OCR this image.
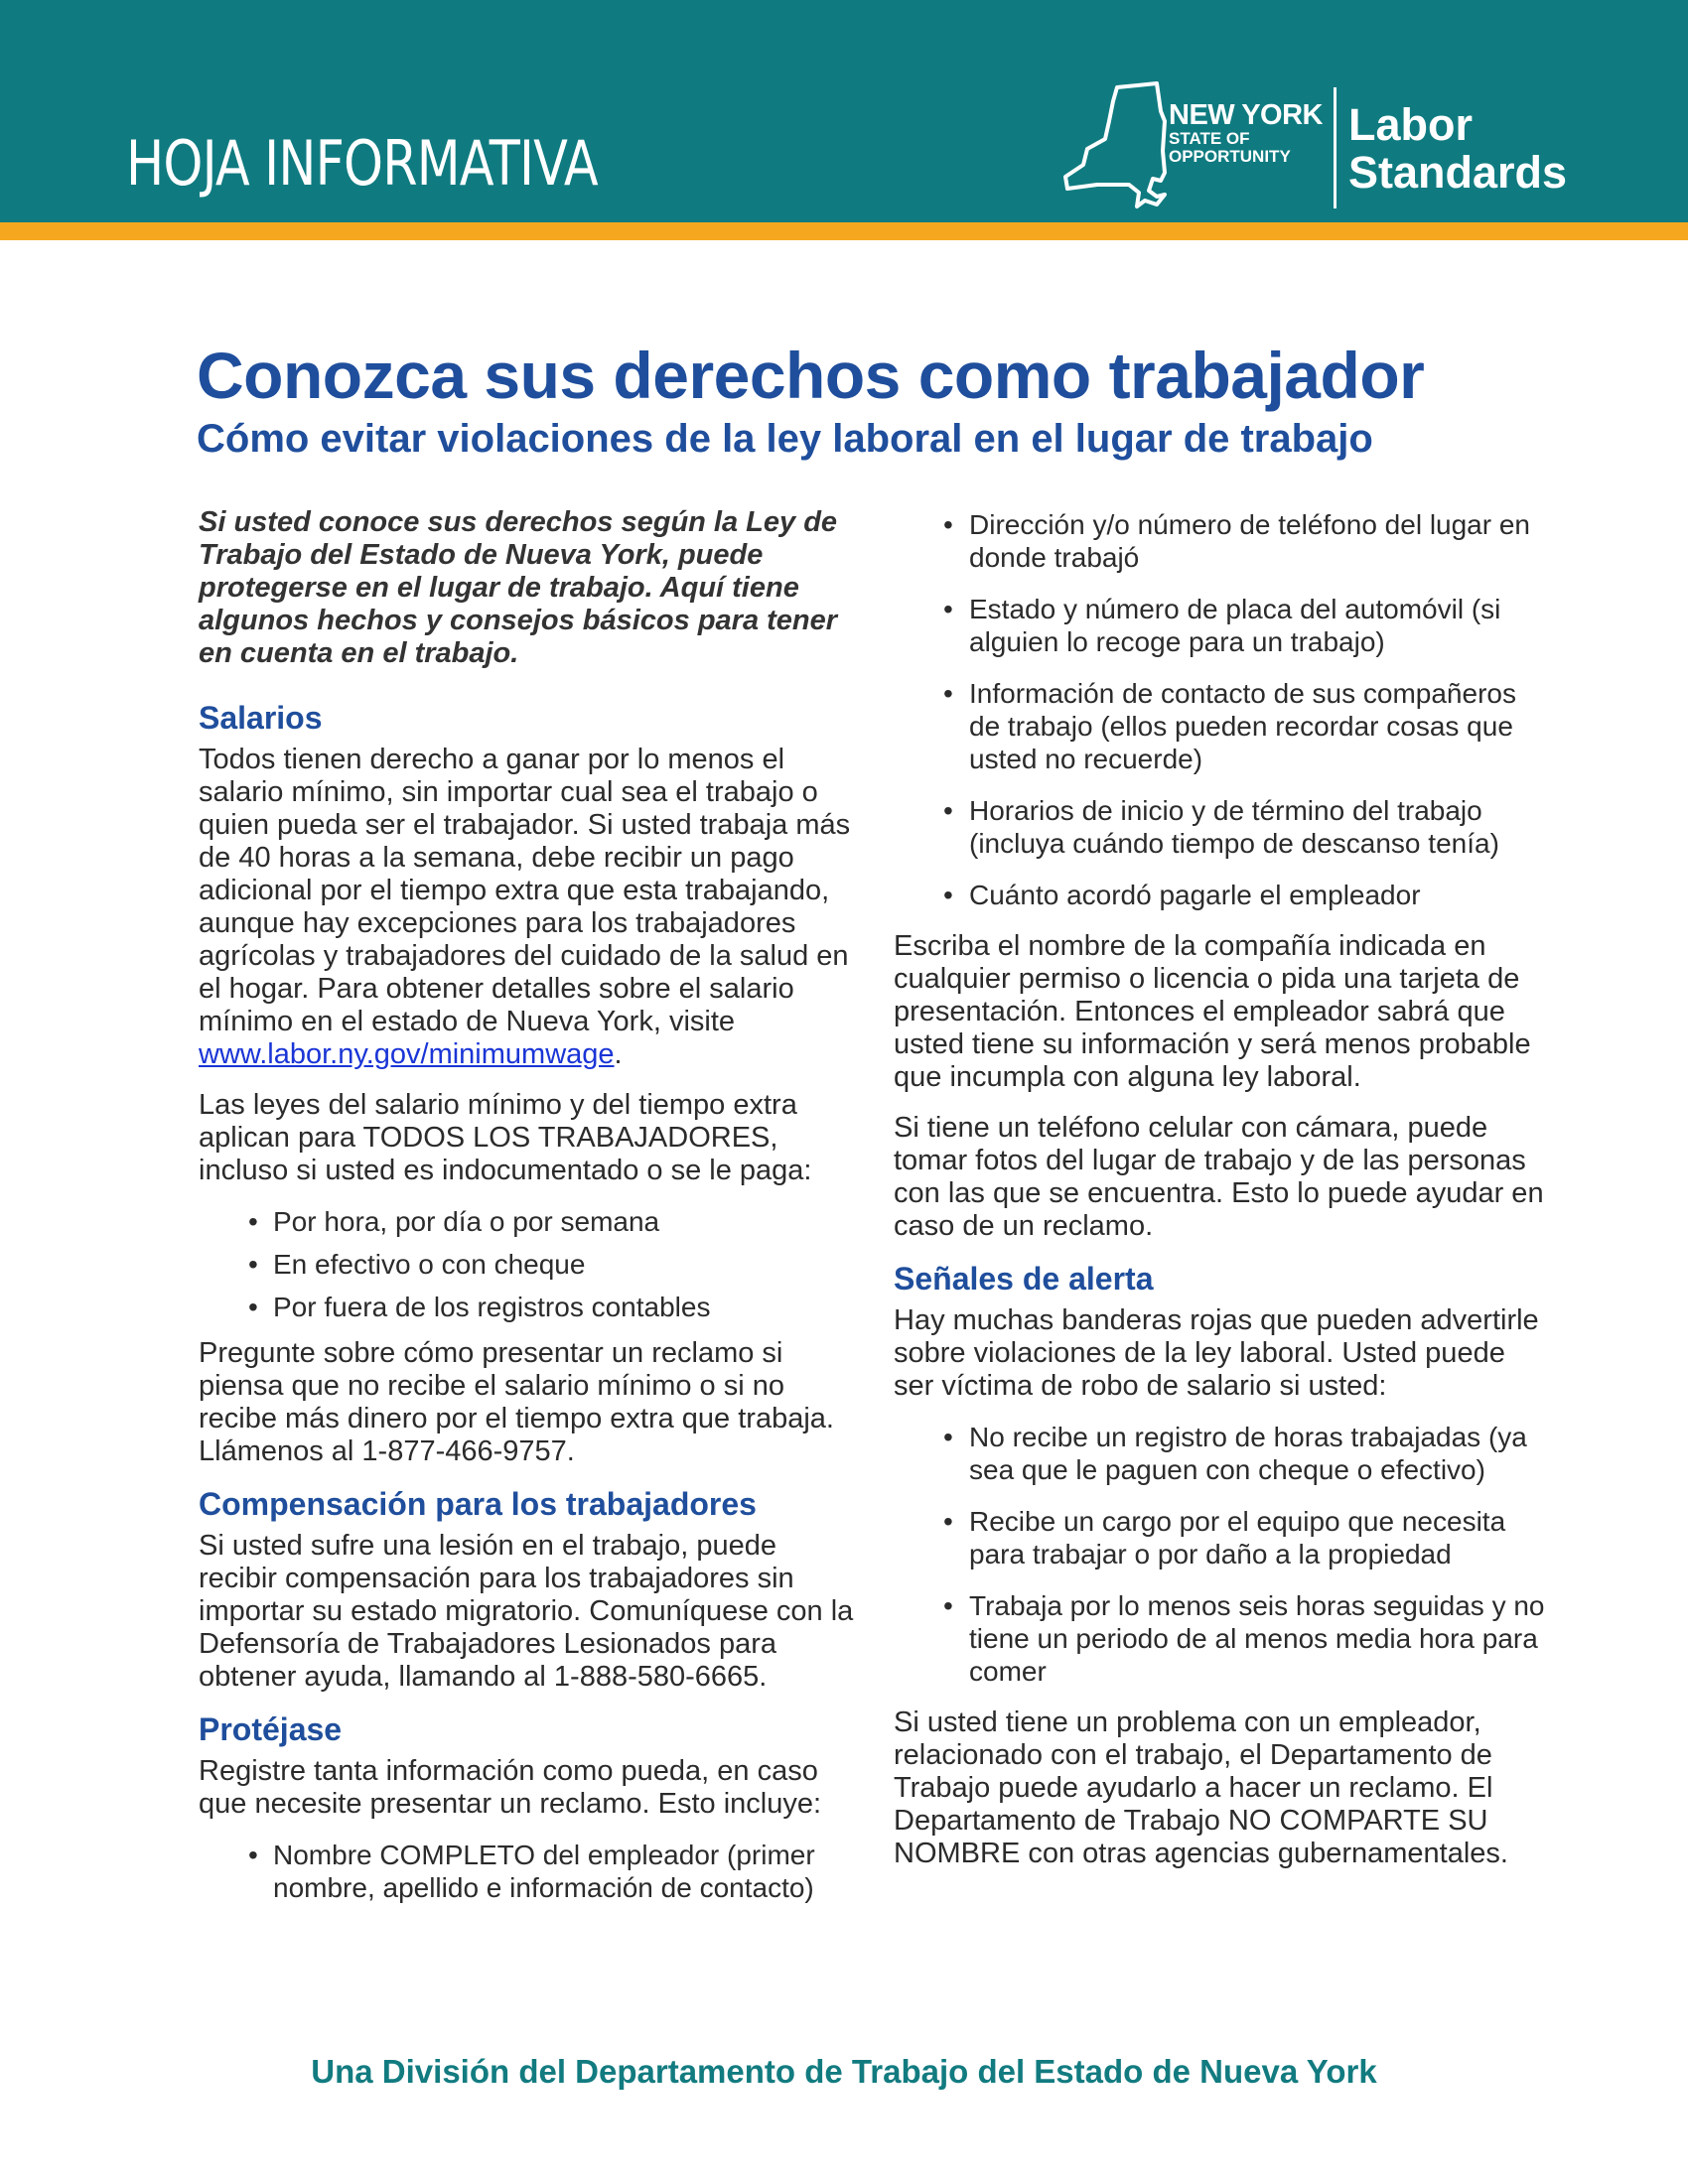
HOJA INFORMATIVA
NEW YORK
STATE OF
OPPORTUNITY
Labor
Standards
Conozca sus derechos como trabajador
Cómo evitar violaciones de la ley laboral en el lugar de trabajo

Si usted conoce sus derechos según la Ley de Trabajo del Estado de Nueva York, puede protegerse en el lugar de trabajo. Aquí tiene algunos hechos y consejos básicos para tener en cuenta en el trabajo.

Salarios

Todos tienen derecho a ganar por lo menos el salario mínimo, sin importar cual sea el trabajo o quien pueda ser el trabajador. Si usted trabaja más de 40 horas a la semana, debe recibir un pago adicional por el tiempo extra que esta trabajando, aunque hay excepciones para los trabajadores agrícolas y trabajadores del cuidado de la salud en el hogar. Para obtener detalles sobre el salario mínimo en el estado de Nueva York, visite www.labor.ny.gov/minimumwage.

Las leyes del salario mínimo y del tiempo extra aplican para TODOS LOS TRABAJADORES, incluso si usted es indocumentado o se le paga:

• Por hora, por día o por semana
• En efectivo o con cheque
• Por fuera de los registros contables

Pregunte sobre cómo presentar un reclamo si piensa que no recibe el salario mínimo o si no recibe más dinero por el tiempo extra que trabaja. Llámenos al 1-877-466-9757.

Compensación para los trabajadores

Si usted sufre una lesión en el trabajo, puede recibir compensación para los trabajadores sin importar su estado migratorio. Comuníquese con la Defensoría de Trabajadores Lesionados para obtener ayuda, llamando al 1-888-580-6665.

Protéjase

Registre tanta información como pueda, en caso que necesite presentar un reclamo. Esto incluye:

• Nombre COMPLETO del empleador (primer nombre, apellido e información de contacto)
• Dirección y/o número de teléfono del lugar en donde trabajó
• Estado y número de placa del automóvil (si alguien lo recoge para un trabajo)
• Información de contacto de sus compañeros de trabajo (ellos pueden recordar cosas que usted no recuerde)
• Horarios de inicio y de término del trabajo (incluya cuándo tiempo de descanso tenía)
• Cuánto acordó pagarle el empleador

Escriba el nombre de la compañía indicada en cualquier permiso o licencia o pida una tarjeta de presentación. Entonces el empleador sabrá que usted tiene su información y será menos probable que incumpla con alguna ley laboral.

Si tiene un teléfono celular con cámara, puede tomar fotos del lugar de trabajo y de las personas con las que se encuentra. Esto lo puede ayudar en caso de un reclamo.

Señales de alerta

Hay muchas banderas rojas que pueden advertirle sobre violaciones de la ley laboral. Usted puede ser víctima de robo de salario si usted:

• No recibe un registro de horas trabajadas (ya sea que le paguen con cheque o efectivo)
• Recibe un cargo por el equipo que necesita para trabajar o por daño a la propiedad
• Trabaja por lo menos seis horas seguidas y no tiene un periodo de al menos media hora para comer

Si usted tiene un problema con un empleador, relacionado con el trabajo, el Departamento de Trabajo puede ayudarlo a hacer un reclamo. El Departamento de Trabajo NO COMPARTE SU NOMBRE con otras agencias gubernamentales.

Una División del Departamento de Trabajo del Estado de Nueva York
